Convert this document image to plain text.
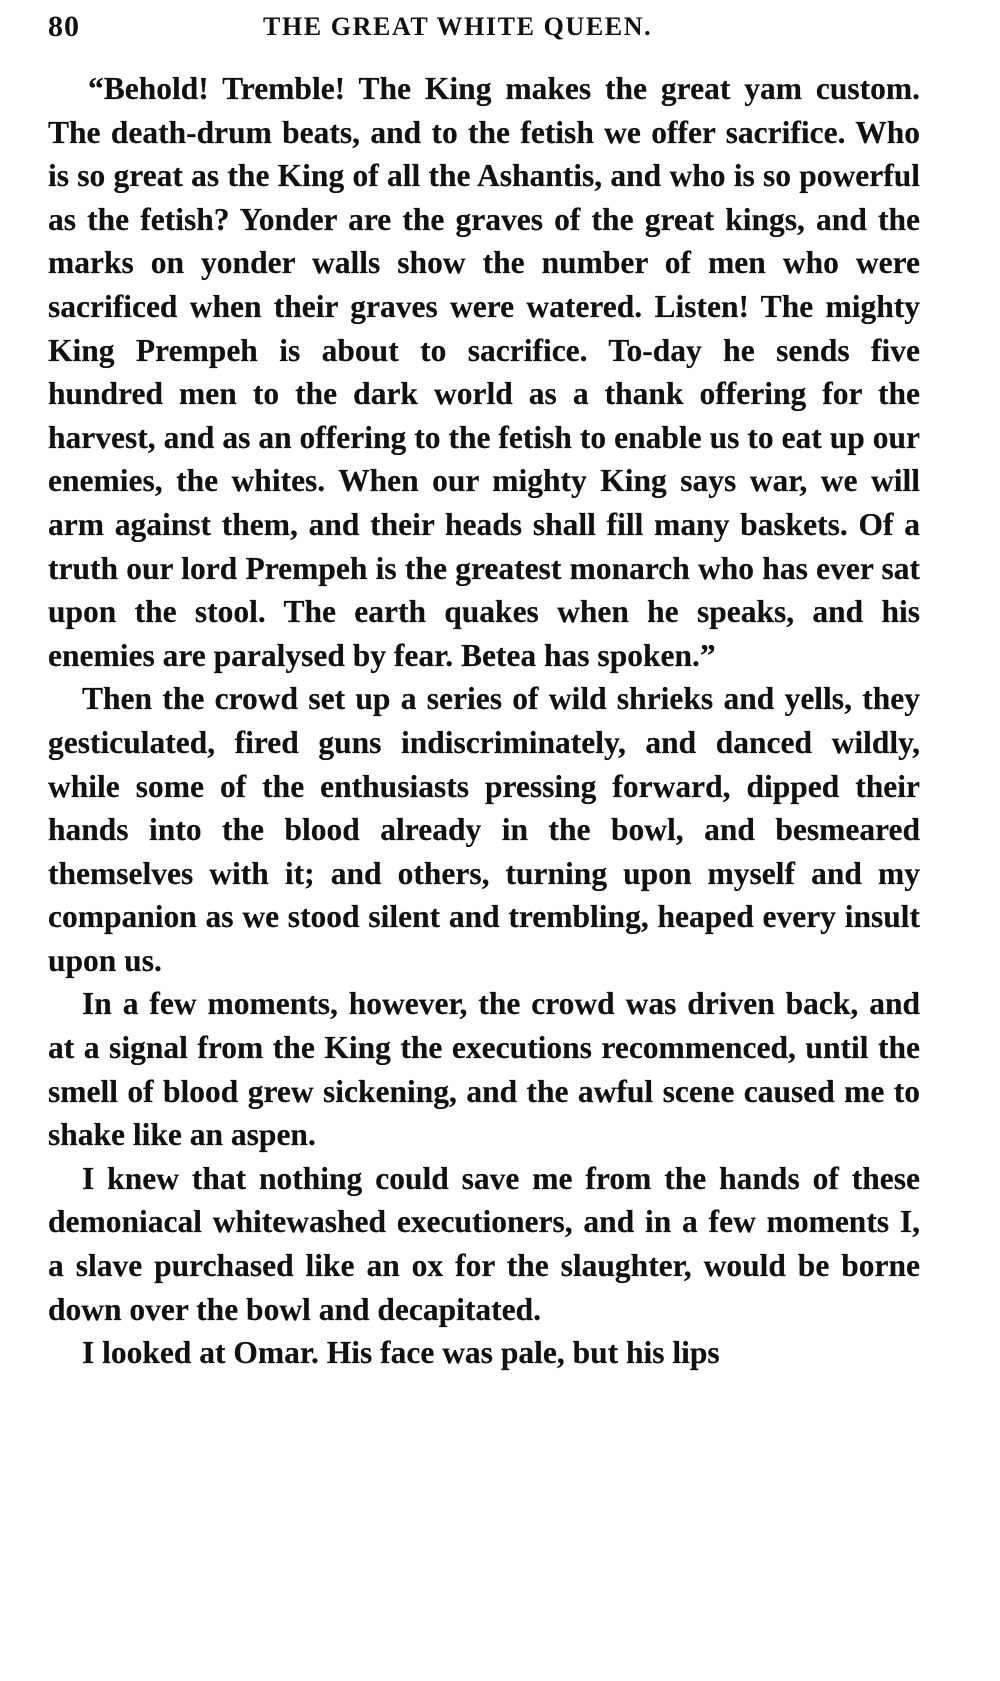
80	THE GREAT WHITE QUEEN.

“Behold! Tremble! The King makes the great yam custom. The death-drum beats, and to the fetish we offer sacrifice. Who is so great as the King of all the Ashantis, and who is so powerful as the fetish? Yonder are the graves of the great kings, and the marks on yonder walls show the number of men who were sacrificed when their graves were watered. Listen! The mighty King Prempeh is about to sacrifice. To-day he sends five hundred men to the dark world as a thank offering for the harvest, and as an offering to the fetish to enable us to eat up our enemies, the whites. When our mighty King says war, we will arm against them, and their heads shall fill many baskets. Of a truth our lord Prempeh is the greatest monarch who has ever sat upon the stool. The earth quakes when he speaks, and his enemies are paralysed by fear. Betea has spoken.”

Then the crowd set up a series of wild shrieks and yells, they gesticulated, fired guns indiscriminately, and danced wildly, while some of the enthusiasts pressing forward, dipped their hands into the blood already in the bowl, and besmeared themselves with it; and others, turning upon myself and my companion as we stood silent and trembling, heaped every insult upon us.

In a few moments, however, the crowd was driven back, and at a signal from the King the executions recommenced, until the smell of blood grew sickening, and the awful scene caused me to shake like an aspen.

I knew that nothing could save me from the hands of these demoniacal whitewashed executioners, and in a few moments I, a slave purchased like an ox for the slaughter, would be borne down over the bowl and decapitated.

I looked at Omar. His face was pale, but his lips
